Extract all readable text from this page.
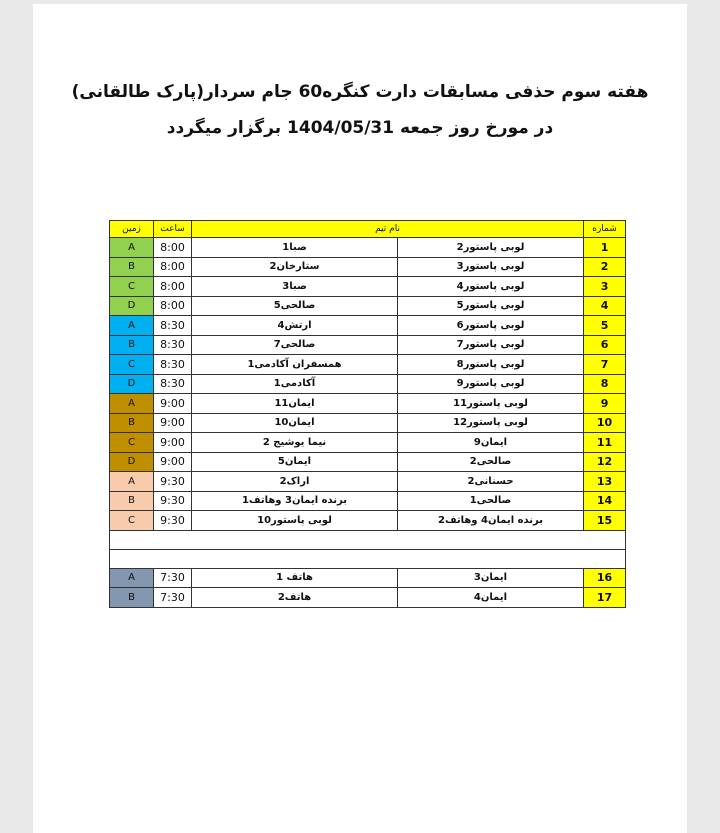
هفته سوم حذفی مسابقات دارت کنگره60 جام سردار(پارک طالقانی)
در مورخ روز جمعه 1404/05/31 برگزار میگردد
زمین	ساعت	نام تیم		شماره
A	8:00	صبا1	لوبی پاستور2	1
B	8:00	ستارخان2	لوبی پاستور3	2
C	8:00	صبا3	لوبی پاستور4	3
D	8:00	صالحی5	لوبی پاستور5	4
A	8:30	ارتش4	لوبی پاستور6	5
B	8:30	صالحی7	لوبی پاستور7	6
C	8:30	همسفران آکادمی1	لوبی پاستور8	7
D	8:30	آکادمی1	لوبی پاستور9	8
A	9:00	ایمان11	لوبی پاستور11	9
B	9:00	ایمان10	لوبی پاستور12	10
C	9:00	نیما یوشیج 2	ایمان9	11
D	9:00	ایمان5	صالحی2	12
A	9:30	اراک2	حسنانی2	13
B	9:30	برنده ایمان3 وهاتف1	صالحی1	14
C	9:30	لوبی پاستور10	برنده ایمان4 وهاتف2	15

A	7:30	هاتف 1	ایمان3	16
B	7:30	هاتف2	ایمان4	17
